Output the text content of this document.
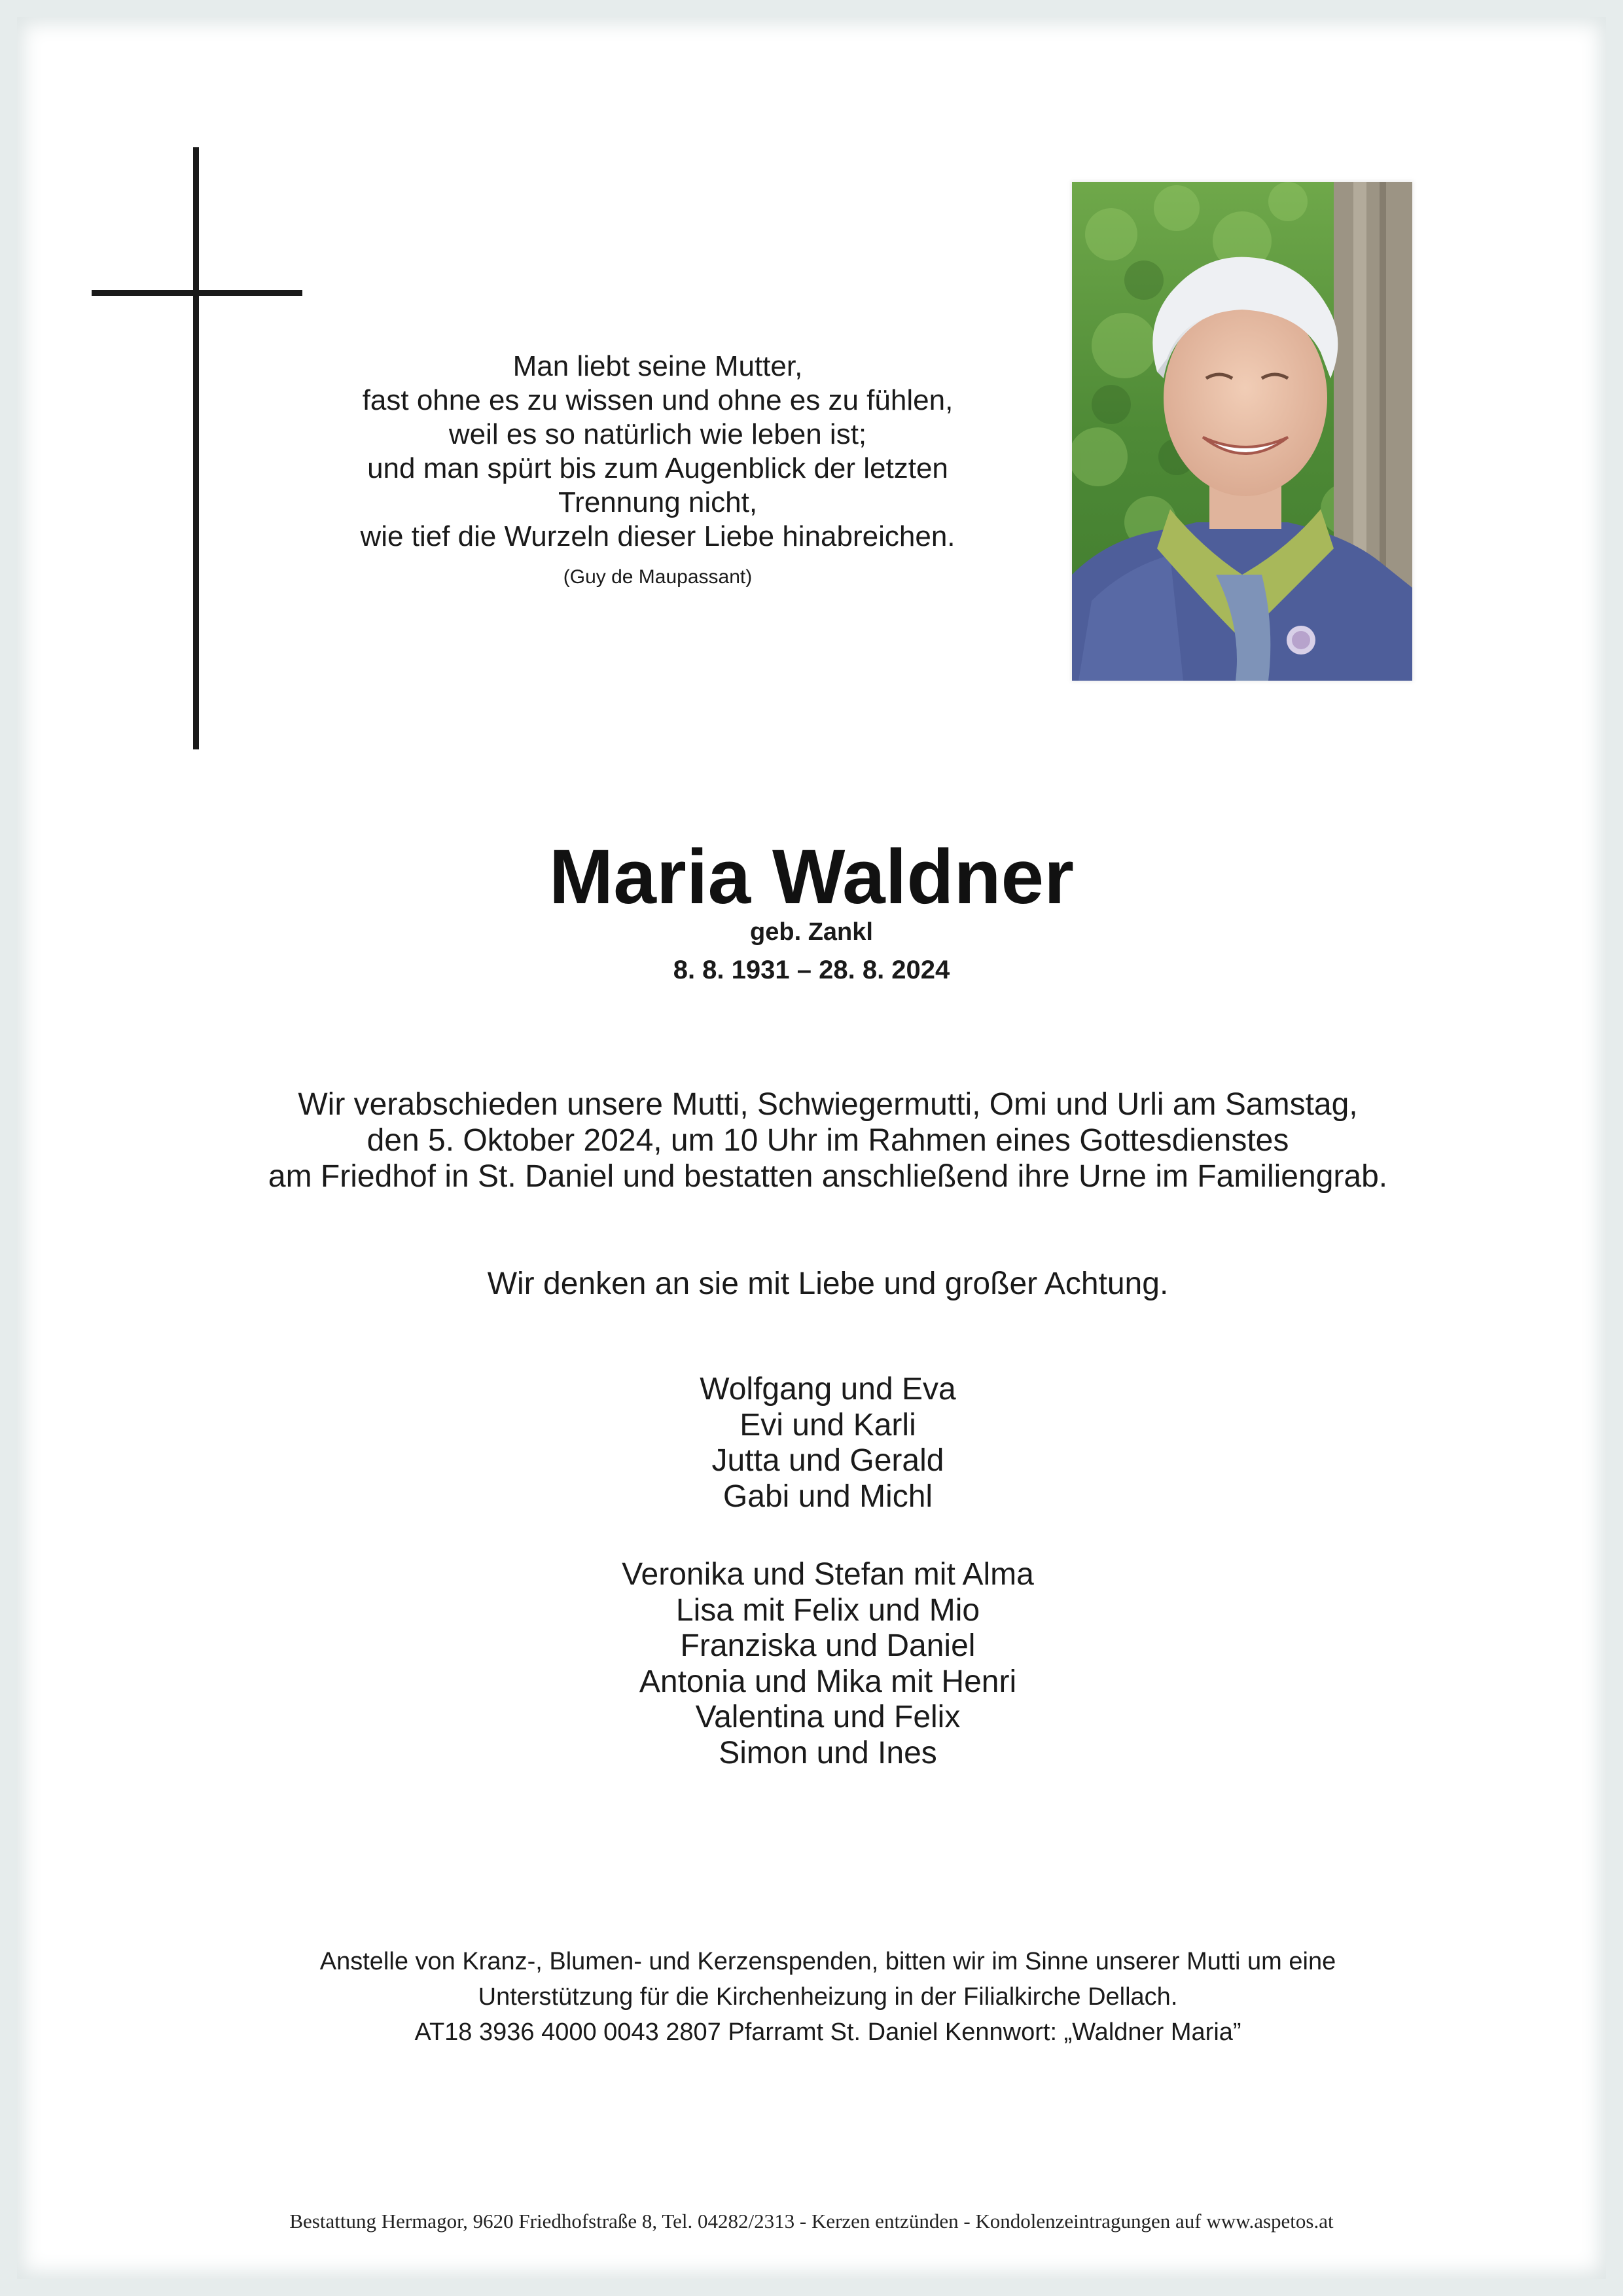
Man liebt seine Mutter,
fast ohne es zu wissen und ohne es zu fühlen,
weil es so natürlich wie leben ist;
und man spürt bis zum Augenblick der letzten
Trennung nicht,
wie tief die Wurzeln dieser Liebe hinabreichen.
(Guy de Maupassant)
Maria Waldner
geb. Zankl
8. 8. 1931 – 28. 8. 2024
Wir verabschieden unsere Mutti, Schwiegermutti, Omi und Urli am Samstag,
den 5. Oktober 2024, um 10 Uhr im Rahmen eines Gottesdienstes
am Friedhof in St. Daniel und bestatten anschließend ihre Urne im Familiengrab.
Wir denken an sie mit Liebe und großer Achtung.
Wolfgang und Eva
Evi und Karli
Jutta und Gerald
Gabi und Michl
Veronika und Stefan mit Alma
Lisa mit Felix und Mio
Franziska und Daniel
Antonia und Mika mit Henri
Valentina und Felix
Simon und Ines
Anstelle von Kranz-, Blumen- und Kerzenspenden, bitten wir im Sinne unserer Mutti um eine
Unterstützung für die Kirchenheizung in der Filialkirche Dellach.
AT18 3936 4000 0043 2807 Pfarramt St. Daniel Kennwort: „Waldner Maria”
Bestattung Hermagor, 9620 Friedhofstraße 8, Tel. 04282/2313 - Kerzen entzünden - Kondolenzeintragungen auf www.aspetos.at
